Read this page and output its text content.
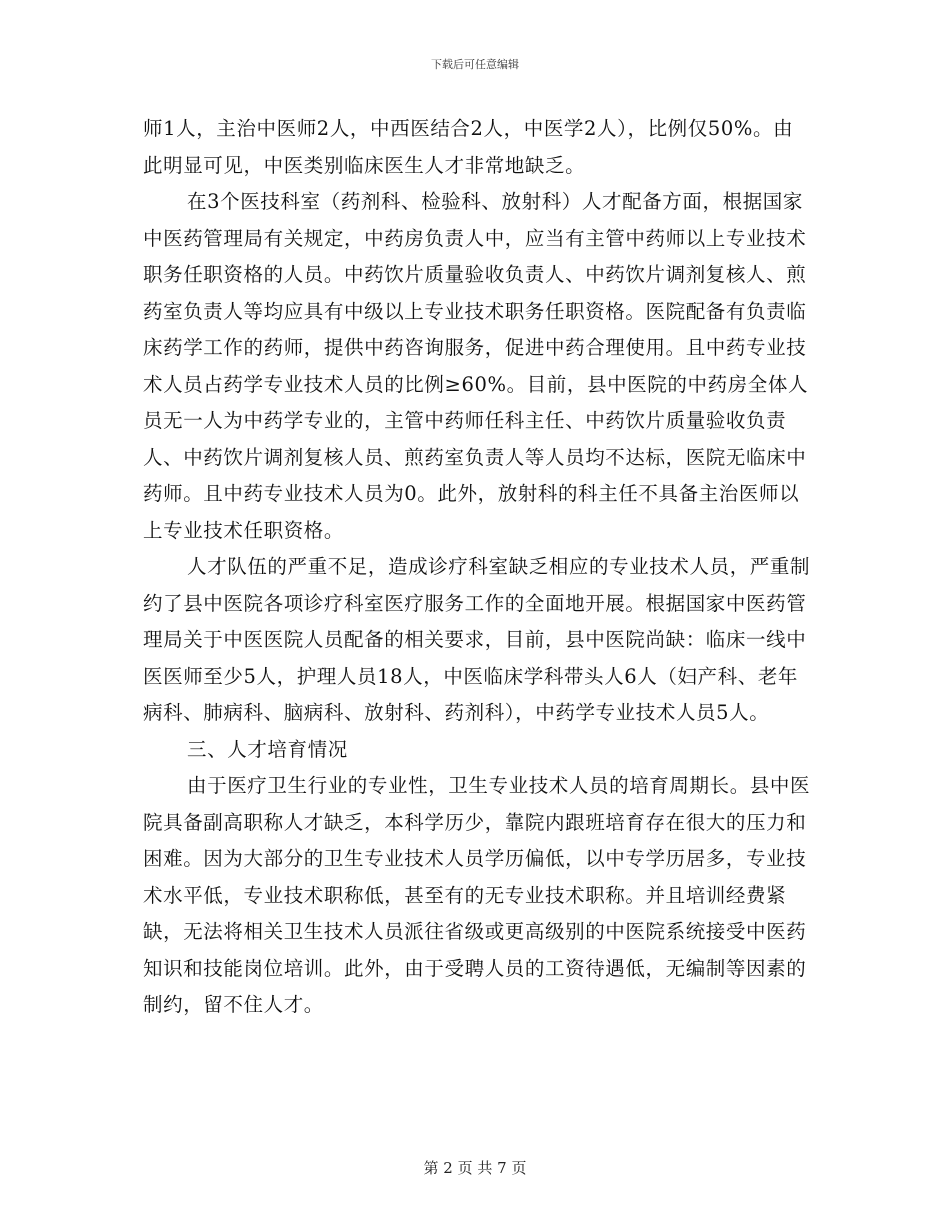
下载后可任意编辑

师1人，主治中医师2人，中西医结合2人，中医学2人），比例仅50%。由此明显可见，中医类别临床医生人才非常地缺乏。

在3个医技科室（药剂科、检验科、放射科）人才配备方面，根据国家中医药管理局有关规定，中药房负责人中，应当有主管中药师以上专业技术职务任职资格的人员。中药饮片质量验收负责人、中药饮片调剂复核人、煎药室负责人等均应具有中级以上专业技术职务任职资格。医院配备有负责临床药学工作的药师，提供中药咨询服务，促进中药合理使用。且中药专业技术人员占药学专业技术人员的比例≥60%。目前，县中医院的中药房全体人员无一人为中药学专业的，主管中药师任科主任、中药饮片质量验收负责人、中药饮片调剂复核人员、煎药室负责人等人员均不达标，医院无临床中药师。且中药专业技术人员为0。此外，放射科的科主任不具备主治医师以上专业技术任职资格。

人才队伍的严重不足，造成诊疗科室缺乏相应的专业技术人员，严重制约了县中医院各项诊疗科室医疗服务工作的全面地开展。根据国家中医药管理局关于中医医院人员配备的相关要求，目前，县中医院尚缺：临床一线中医医师至少5人，护理人员18人，中医临床学科带头人6人（妇产科、老年病科、肺病科、脑病科、放射科、药剂科），中药学专业技术人员5人。

三、人才培育情况

由于医疗卫生行业的专业性，卫生专业技术人员的培育周期长。县中医院具备副高职称人才缺乏，本科学历少，靠院内跟班培育存在很大的压力和困难。因为大部分的卫生专业技术人员学历偏低，以中专学历居多，专业技术水平低，专业技术职称低，甚至有的无专业技术职称。并且培训经费紧缺，无法将相关卫生技术人员派往省级或更高级别的中医院系统接受中医药知识和技能岗位培训。此外，由于受聘人员的工资待遇低，无编制等因素的制约，留不住人才。

第 2 页 共 7 页
